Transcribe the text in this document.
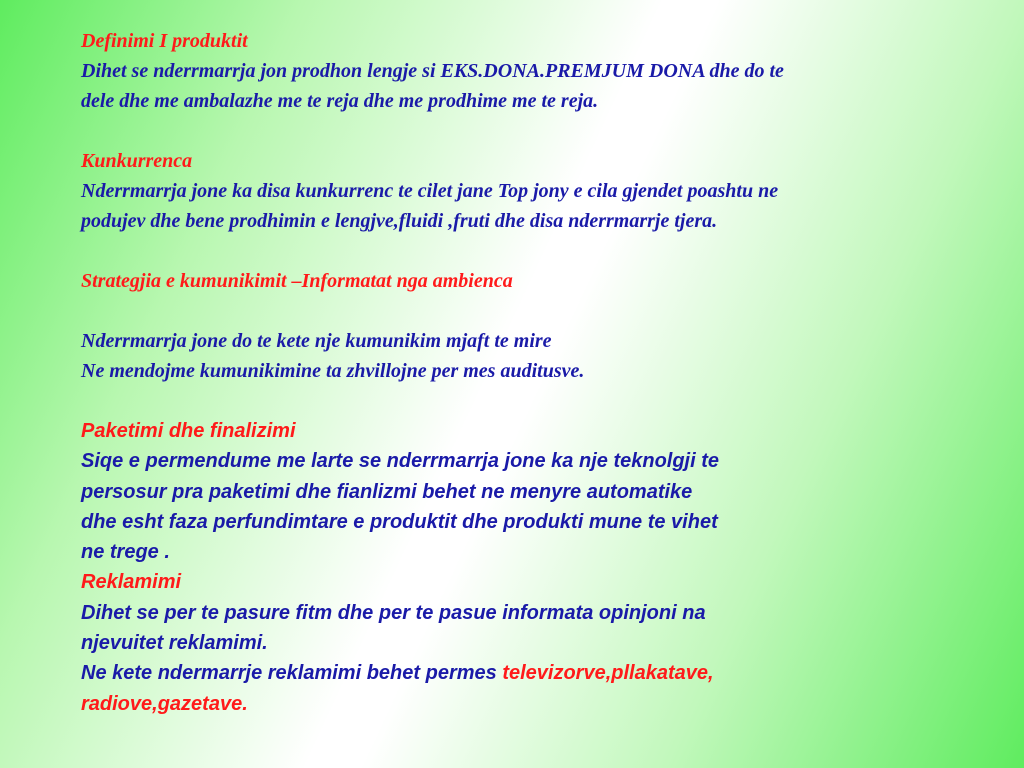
Definimi I produktit

Dihet se nderrmarrja jon prodhon lengje si EKS.DONA.PREMJUM DONA dhe do te

dele dhe me ambalazhe me te reja dhe me prodhime me te reja.

Kunkurrenca

Nderrmarrja jone ka disa kunkurrenc te cilet jane Top jony e cila gjendet poashtu ne

podujev dhe bene prodhimin e lengjve,fluidi ,fruti dhe disa nderrmarrje tjera.

Strategjia e kumunikimit –Informatat nga ambienca

Nderrmarrja jone do te kete nje kumunikim mjaft te mire

Ne mendojme kumunikimine ta zhvillojne per mes auditusve.

Paketimi dhe finalizimi

Siqe e permendume me larte se nderrmarrja jone ka nje teknolgji te

persosur pra paketimi dhe fianlizmi behet ne menyre automatike

dhe esht faza perfundimtare e produktit dhe produkti mune te vihet

ne trege .

Reklamimi

Dihet se per te pasure fitm dhe per te pasue informata opinjoni na

njevuitet reklamimi.

Ne kete ndermarrje reklamimi behet permes televizorve,pllakatave,

radiove,gazetave.
